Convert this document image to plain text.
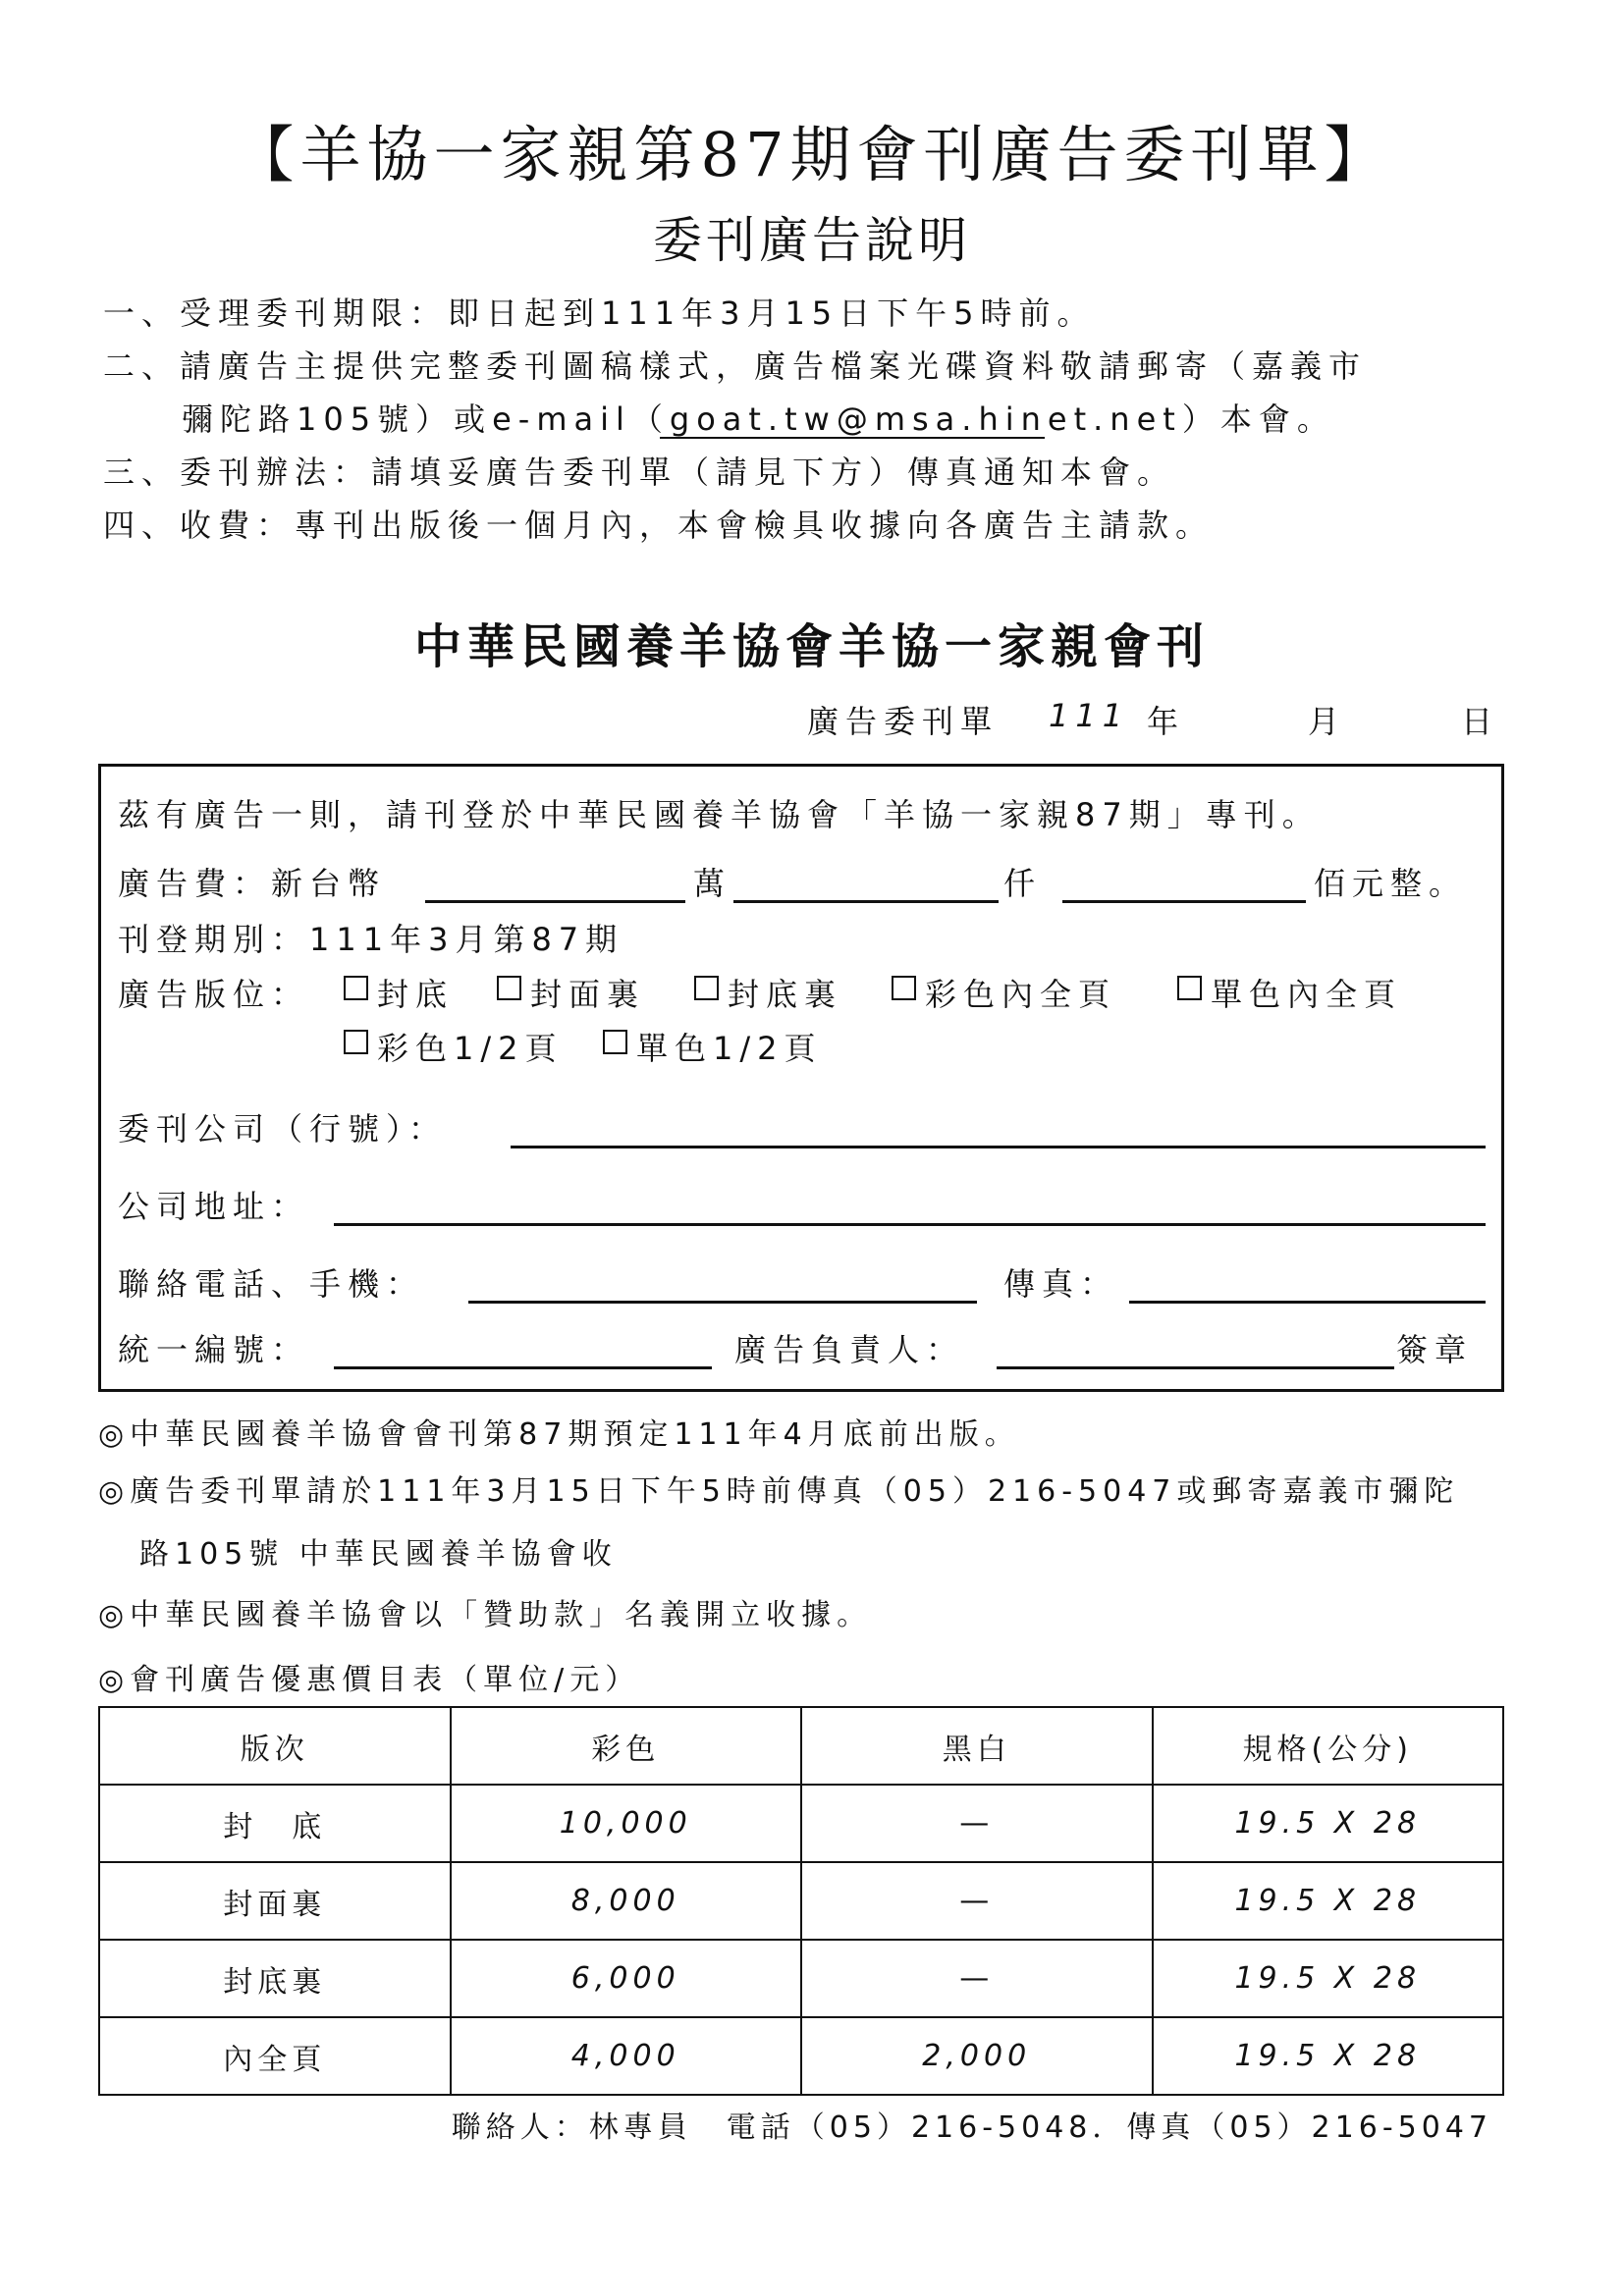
【羊協一家親第87期會刊廣告委刊單】
委刊廣告說明
一、受理委刊期限：即日起到111年3月15日下午5時前。
二、請廣告主提供完整委刊圖稿樣式，廣告檔案光碟資料敬請郵寄（嘉義市
彌陀路105號）或e-mail（goat.tw@msa.hinet.net）本會。
三、委刊辦法：請填妥廣告委刊單（請見下方）傳真通知本會。
四、收費：專刊出版後一個月內，本會檢具收據向各廣告主請款。
中華民國養羊協會羊協一家親會刊
廣告委刊單 111 年	月	日
茲有廣告一則，請刊登於中華民國養羊協會「羊協一家親87期」專刊。
廣告費：新台幣	萬	仟	佰元整。
刊登期別：111年3月第87期
廣告版位： 封底 封面裏	封底裏	彩色內全頁	單色內全頁
彩色1/2頁 單色1/2頁
委刊公司（行號）：
公司地址：
聯絡電話、手機：	傳真：
統一編號：	廣告負責人：	簽章
◎中華民國養羊協會會刊第87期預定111年4月底前出版。
◎廣告委刊單請於111年3月15日下午5時前傳真（05）216-5047或郵寄嘉義市彌陀
路105號 中華民國養羊協會收
◎中華民國養羊協會以「贊助款」名義開立收據。
◎會刊廣告優惠價目表（單位/元）
版次	彩色	黑白	規格(公分)
封　底	10,000	—	19.5 X 28
封面裏	8,000	—	19.5 X 28
封底裏	6,000	—	19.5 X 28
內全頁	4,000	2,000	19.5 X 28
聯絡人：林專員　電話（05）216-5048．傳真（05）216-5047
